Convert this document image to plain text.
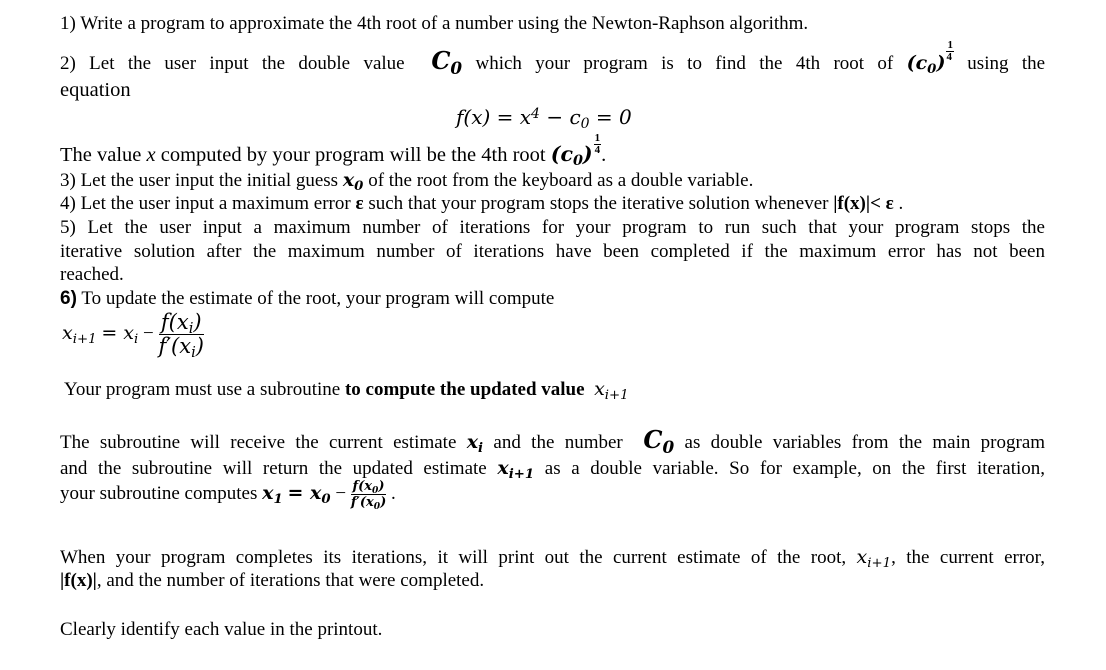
1) Write a program to approximate the 4th root of a number using the Newton-Raphson algorithm.
2) Let the user input the double value C0 which your program is to find the 4th root of $(c0) \frac{1}{4}$
using the
equation
$f(x) = x^4 - c0 = 0$
The value x computed by your program will be the 4th root $(c0) \frac{1}{4}$ .
3) Let the user input the initial guess x0 of the root from the keyboard as a double variable.
4) Let the user input a maximum error ε such that your program stops the iterative solution whenever |f(x)|< ε .
5) Let the user input a maximum number of iterations for your program to run such that your program stops the
iterative solution after the maximum number of iterations have been completed if the maximum error has not been
reached.
6) To update the estimate of the root, your program will compute
xi+1 = xi − $\frac{f(xi)}{f'(xi)}$
Your program must use a subroutine to compute the updated value xi+1
The subroutine will receive the current estimate xi and the number C0 as double variables from the main program
and the subroutine will return the updated estimate xi+1 as a double variable. So for example, on the first iteration,
your subroutine computes $x1 = x0 - \frac{f(x0)}{f'(x0)}$ .
When your program completes its iterations, it will print out the current estimate of the root, xi+1, the current error,
|f(x)|, and the number of iterations that were completed.
Clearly identify each value in the printout.
